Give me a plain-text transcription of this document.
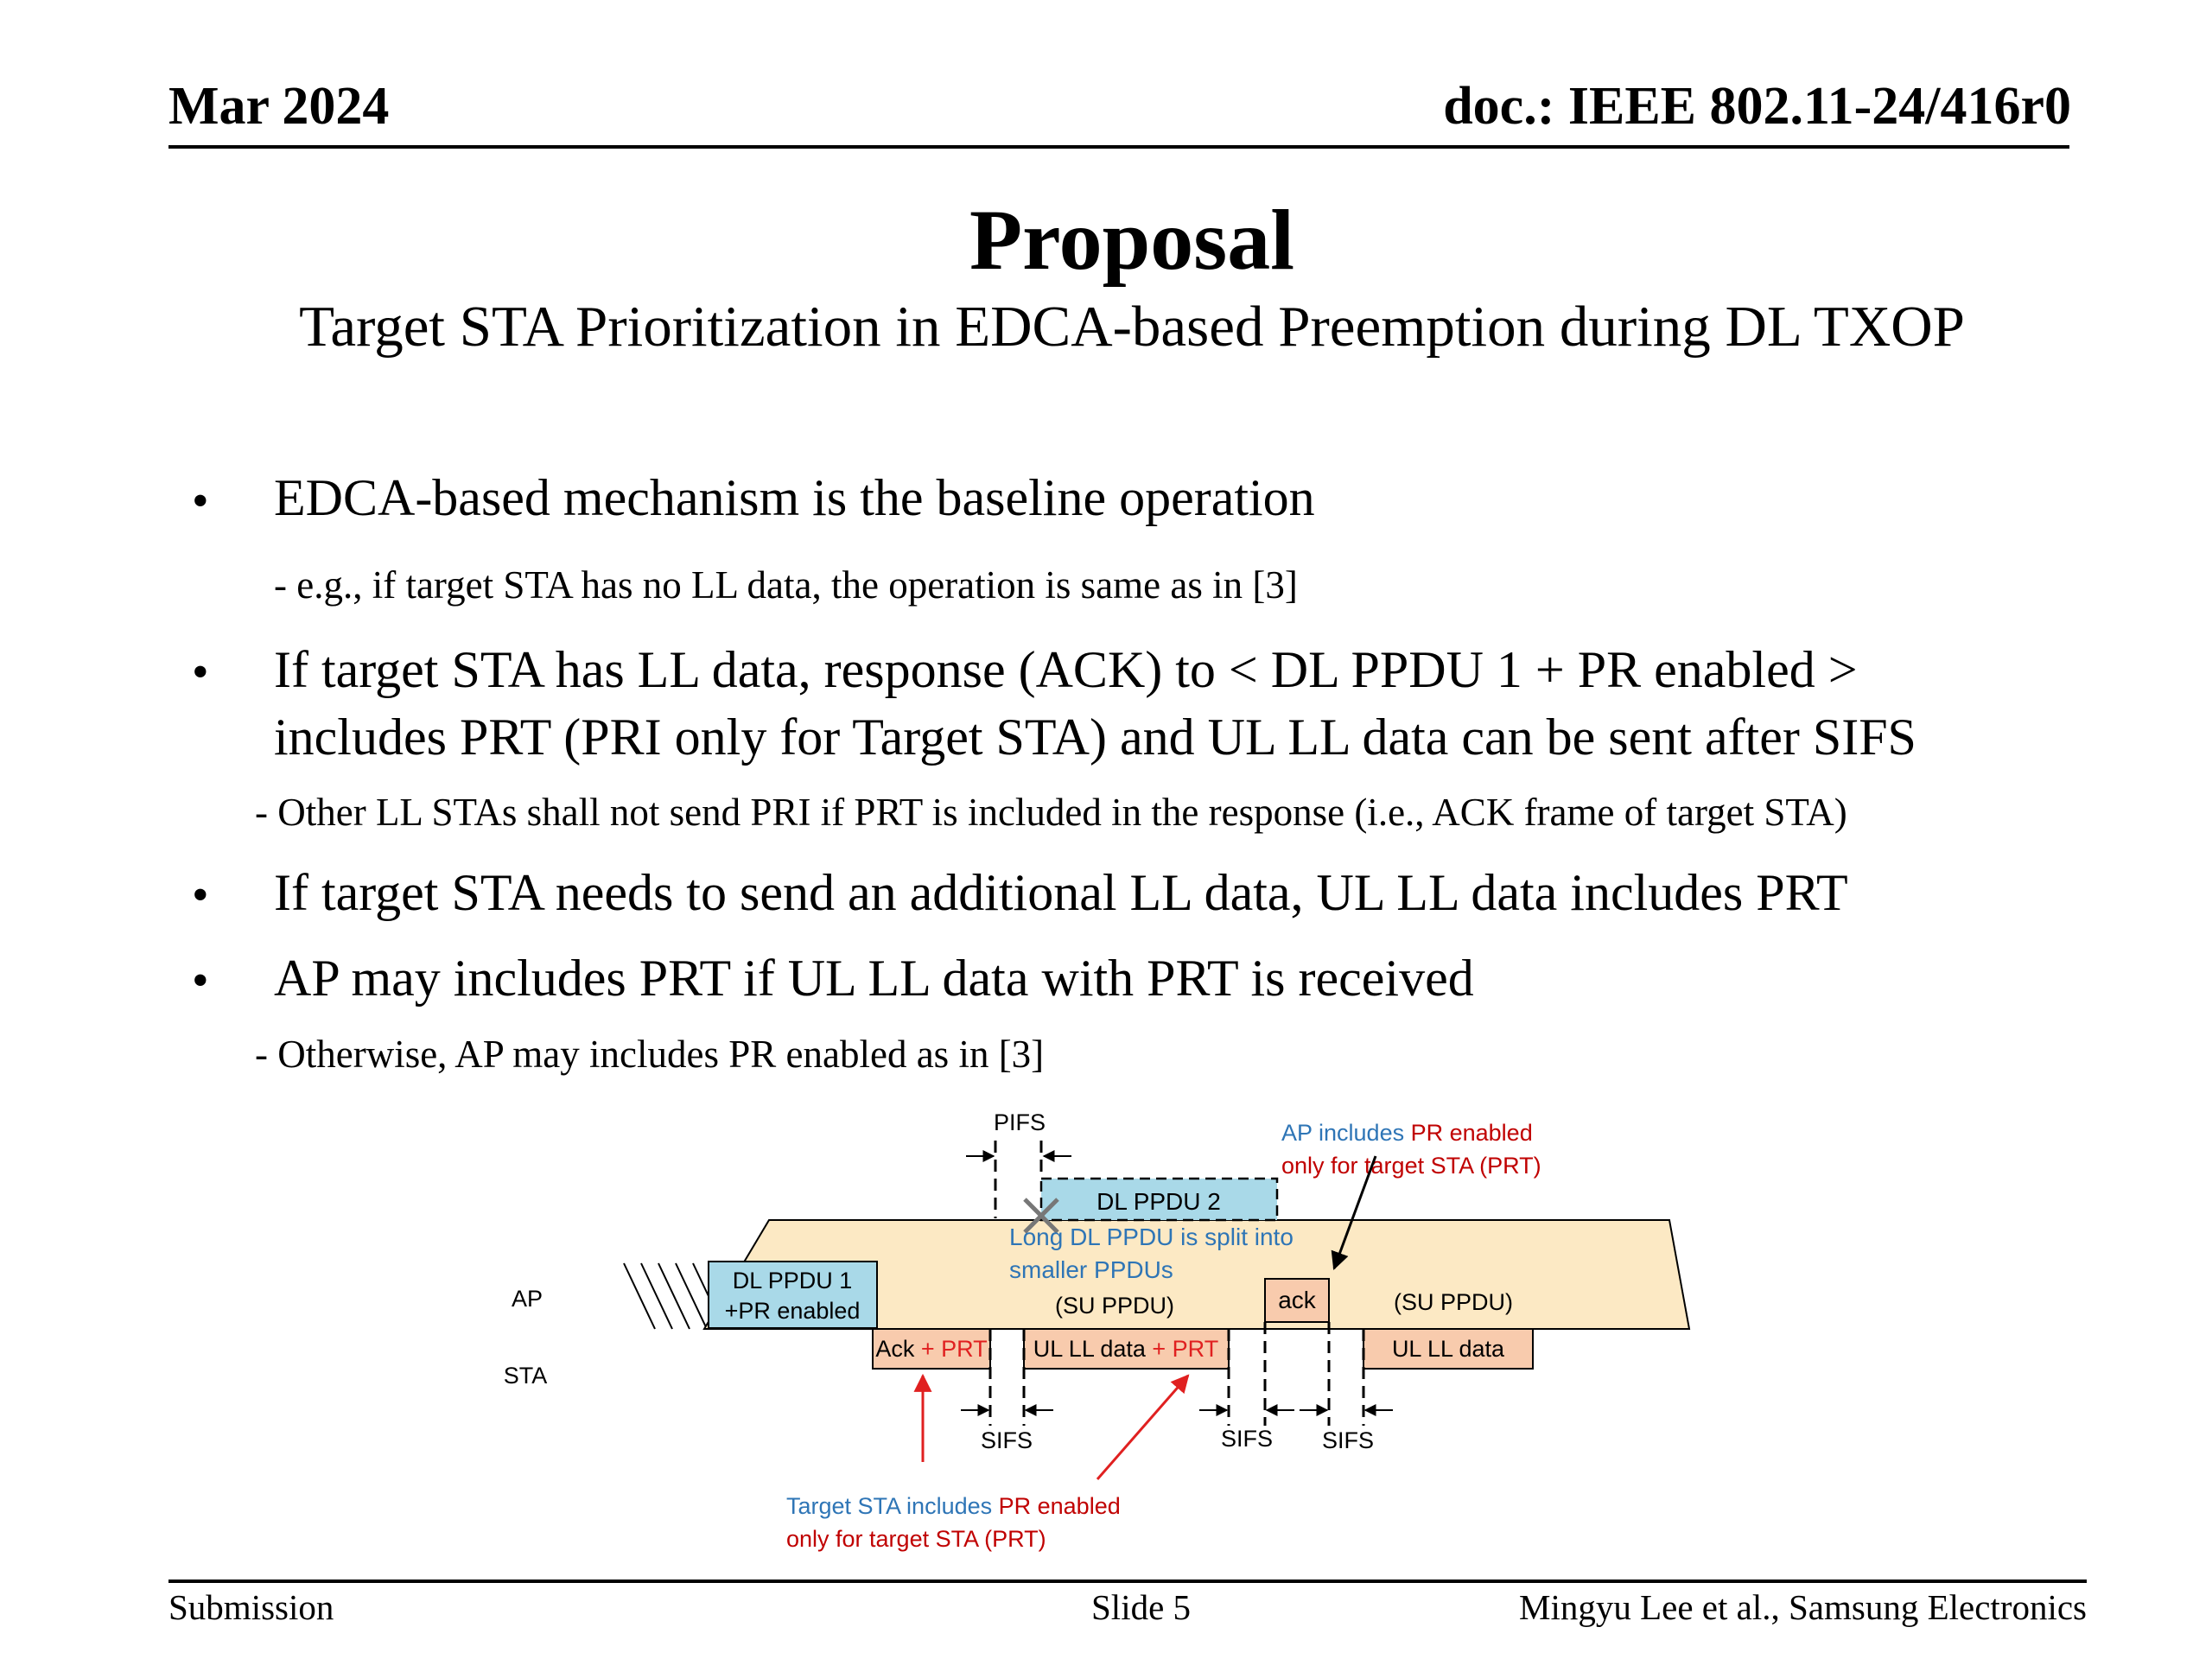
Mar 2024	doc.: IEEE 802.11-24/416r0
Proposal
Target STA Prioritization in EDCA-based Preemption during DL TXOP
• EDCA-based mechanism is the baseline operation
- e.g., if target STA has no LL data, the operation is same as in [3]
• If target STA has LL data, response (ACK) to < DL PPDU 1 + PR enabled >
includes PRT (PRI only for Target STA) and UL LL data can be sent after SIFS
- Other LL STAs shall not send PRI if PRT is included in the response (i.e., ACK frame of target STA)
• If target STA needs to send an additional LL data, UL LL data includes PRT
• AP may includes PRT if UL LL data with PRT is received
- Otherwise, AP may includes PR enabled as in [3]
DL PPDU 2
PIFS	AP includes PR enabled
only for target STA (PRT)
Long DL PPDU is split into
smaller PPDUs
DL PPDU 1
+PR enabled	(SU PPDU)	(SU PPDU)
ack
AP
STA
Ack + PRT UL LL data + PRT	UL LL data
SIFS	SIFS SIFS
Target STA includes PR enabled
only for target STA (PRT)
Submission	Slide 5	Mingyu Lee et al., Samsung Electronics
